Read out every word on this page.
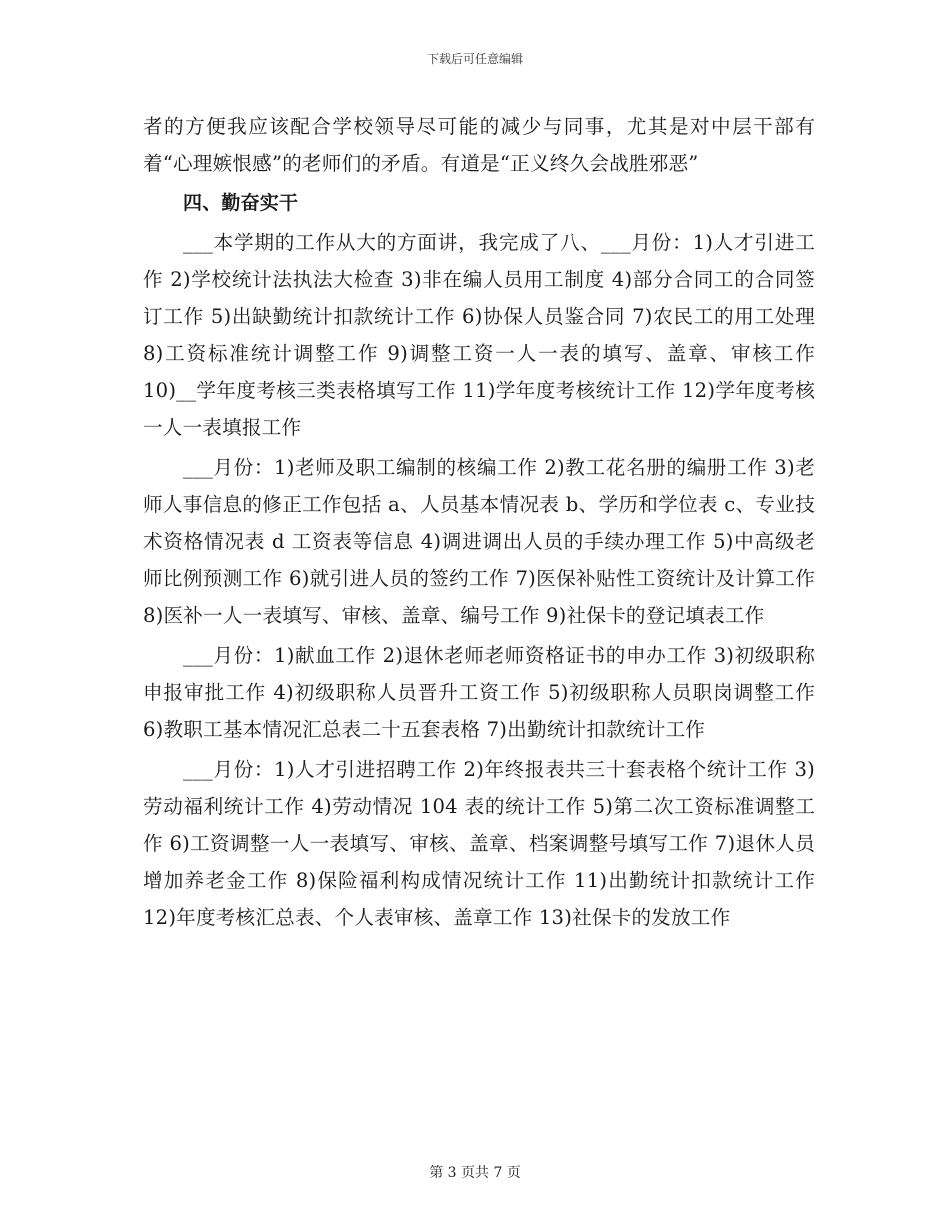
下载后可任意编辑

者的方便我应该配合学校领导尽可能的减少与同事，尤其是对中层干部有着“心理嫉恨感”的老师们的矛盾。有道是“正义终久会战胜邪恶”

四、勤奋实干

___本学期的工作从大的方面讲，我完成了八、___月份：1)人才引进工作 2)学校统计法执法大检查 3)非在编人员用工制度 4)部分合同工的合同签订工作 5)出缺勤统计扣款统计工作 6)协保人员鉴合同 7)农民工的用工处理 8)工资标准统计调整工作 9)调整工资一人一表的填写、盖章、审核工作 10)__学年度考核三类表格填写工作 11)学年度考核统计工作 12)学年度考核一人一表填报工作

___月份：1)老师及职工编制的核编工作 2)教工花名册的编册工作 3)老师人事信息的修正工作包括 a、人员基本情况表 b、学历和学位表 c、专业技术资格情况表 d 工资表等信息 4)调进调出人员的手续办理工作 5)中高级老师比例预测工作 6)就引进人员的签约工作 7)医保补贴性工资统计及计算工作 8)医补一人一表填写、审核、盖章、编号工作 9)社保卡的登记填表工作

___月份：1)献血工作 2)退休老师老师资格证书的申办工作 3)初级职称申报审批工作 4)初级职称人员晋升工资工作 5)初级职称人员职岗调整工作 6)教职工基本情况汇总表二十五套表格 7)出勤统计扣款统计工作

___月份：1)人才引进招聘工作 2)年终报表共三十套表格个统计工作 3)劳动福利统计工作 4)劳动情况 104 表的统计工作 5)第二次工资标准调整工作 6)工资调整一人一表填写、审核、盖章、档案调整号填写工作 7)退休人员增加养老金工作 8)保险福利构成情况统计工作 11)出勤统计扣款统计工作 12)年度考核汇总表、个人表审核、盖章工作 13)社保卡的发放工作

第 3 页共 7 页
